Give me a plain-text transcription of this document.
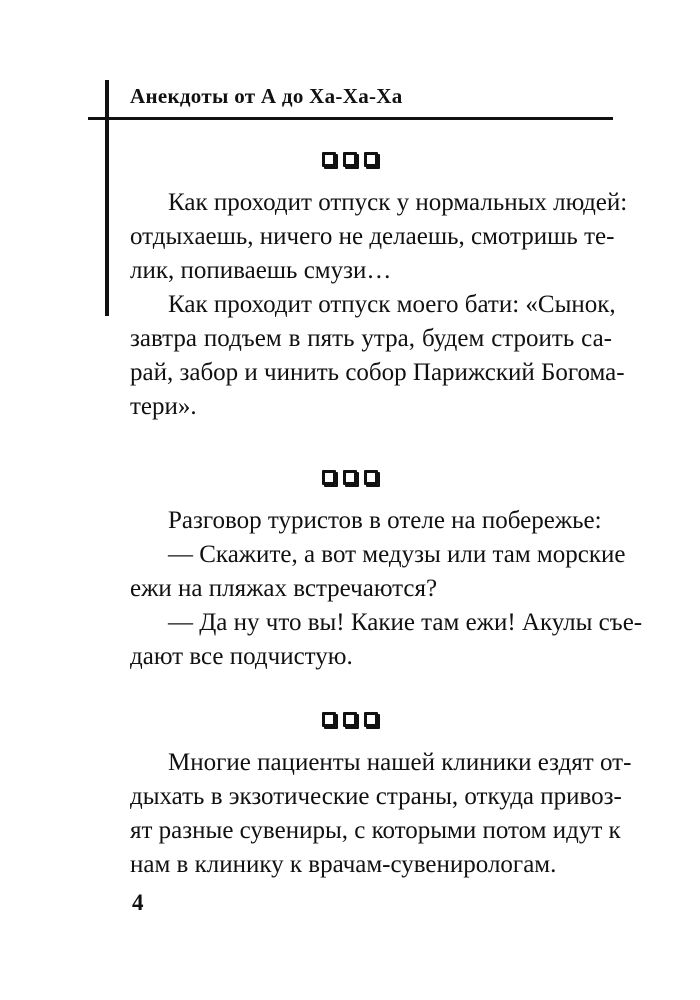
Анекдоты от А до Ха-Ха-Ха
Как проходит отпуск у нормальных людей:
отдыхаешь, ничего не делаешь, смотришь те-
лик, попиваешь смузи…
Как проходит отпуск моего бати: «Сынок,
завтра подъем в пять утра, будем строить са-
рай, забор и чинить собор Парижский Богома-
тери».
Разговор туристов в отеле на побережье:
— Скажите, а вот медузы или там морские
ежи на пляжах встречаются?
— Да ну что вы! Какие там ежи! Акулы съе-
дают все подчистую.
Многие пациенты нашей клиники ездят от-
дыхать в экзотические страны, откуда привоз-
ят разные сувениры, с которыми потом идут к
нам в клинику к врачам-сувенирологам.
4
